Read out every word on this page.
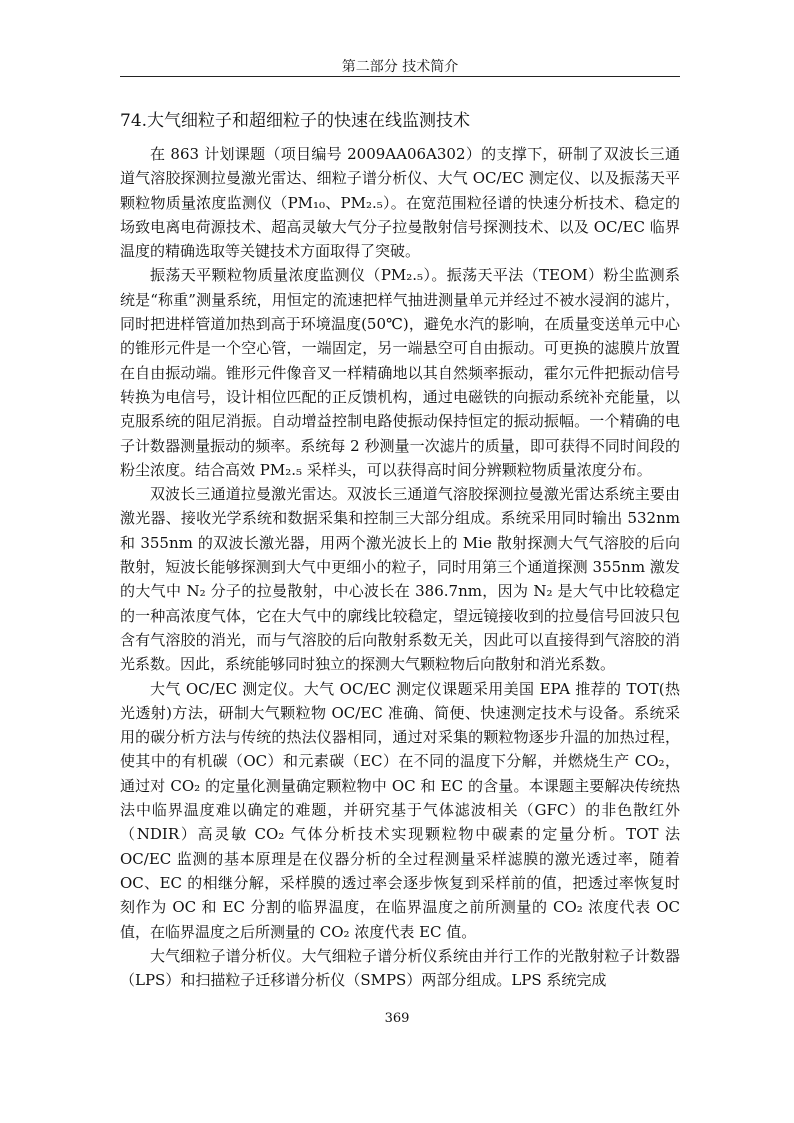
第二部分 技术简介
74.大气细粒子和超细粒子的快速在线监测技术

在 863 计划课题（项目编号 2009AA06A302）的支撑下，研制了双波长三通道气溶胶探测拉曼激光雷达、细粒子谱分析仪、大气 OC/EC 测定仪、以及振荡天平颗粒物质量浓度监测仪（PM₁₀、PM₂.₅）。在宽范围粒径谱的快速分析技术、稳定的场致电离电荷源技术、超高灵敏大气分子拉曼散射信号探测技术、以及 OC/EC 临界温度的精确选取等关键技术方面取得了突破。

振荡天平颗粒物质量浓度监测仪（PM₂.₅）。振荡天平法（TEOM）粉尘监测系统是“称重”测量系统，用恒定的流速把样气抽进测量单元并经过不被水浸润的滤片，同时把进样管道加热到高于环境温度(50℃)，避免水汽的影响，在质量变送单元中心的锥形元件是一个空心管，一端固定，另一端悬空可自由振动。可更换的滤膜片放置在自由振动端。锥形元件像音叉一样精确地以其自然频率振动，霍尔元件把振动信号转换为电信号，设计相位匹配的正反馈机构，通过电磁铁的向振动系统补充能量，以克服系统的阻尼消振。自动增益控制电路使振动保持恒定的振动振幅。一个精确的电子计数器测量振动的频率。系统每 2 秒测量一次滤片的质量，即可获得不同时间段的粉尘浓度。结合高效 PM₂.₅ 采样头，可以获得高时间分辨颗粒物质量浓度分布。

双波长三通道拉曼激光雷达。双波长三通道气溶胶探测拉曼激光雷达系统主要由激光器、接收光学系统和数据采集和控制三大部分组成。系统采用同时输出 532nm 和 355nm 的双波长激光器，用两个激光波长上的 Mie 散射探测大气气溶胶的后向散射，短波长能够探测到大气中更细小的粒子，同时用第三个通道探测 355nm 激发的大气中 N₂ 分子的拉曼散射，中心波长在 386.7nm，因为 N₂ 是大气中比较稳定的一种高浓度气体，它在大气中的廓线比较稳定，望远镜接收到的拉曼信号回波只包含有气溶胶的消光，而与气溶胶的后向散射系数无关，因此可以直接得到气溶胶的消光系数。因此，系统能够同时独立的探测大气颗粒物后向散射和消光系数。

大气 OC/EC 测定仪。大气 OC/EC 测定仪课题采用美国 EPA 推荐的 TOT(热光透射)方法，研制大气颗粒物 OC/EC 准确、简便、快速测定技术与设备。系统采用的碳分析方法与传统的热法仪器相同，通过对采集的颗粒物逐步升温的加热过程，使其中的有机碳（OC）和元素碳（EC）在不同的温度下分解，并燃烧生产 CO₂，通过对 CO₂ 的定量化测量确定颗粒物中 OC 和 EC 的含量。本课题主要解决传统热法中临界温度难以确定的难题，并研究基于气体滤波相关（GFC）的非色散红外（NDIR）高灵敏 CO₂ 气体分析技术实现颗粒物中碳素的定量分析。TOT 法 OC/EC 监测的基本原理是在仪器分析的全过程测量采样滤膜的激光透过率，随着 OC、EC 的相继分解，采样膜的透过率会逐步恢复到采样前的值，把透过率恢复时刻作为 OC 和 EC 分割的临界温度，在临界温度之前所测量的 CO₂ 浓度代表 OC 值，在临界温度之后所测量的 CO₂ 浓度代表 EC 值。

大气细粒子谱分析仪。大气细粒子谱分析仪系统由并行工作的光散射粒子计数器（LPS）和扫描粒子迁移谱分析仪（SMPS）两部分组成。LPS 系统完成

369
